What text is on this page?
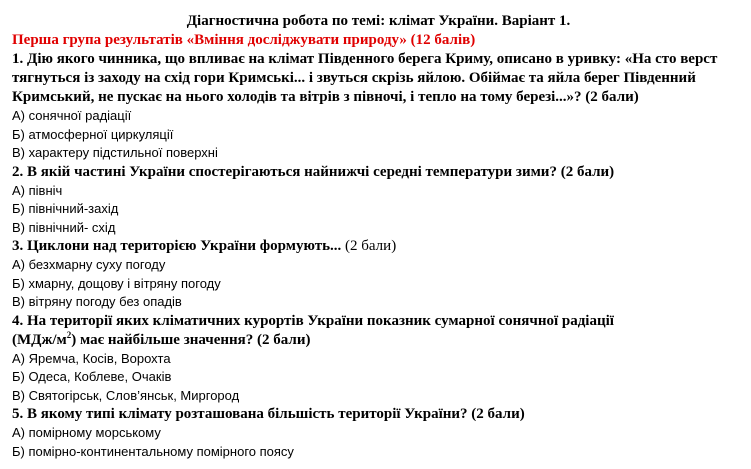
Діагностична робота по темі: клімат України. Варіант 1.
Перша група результатів «Вміння досліджувати природу» (12 балів)
1. Дію якого чинника, що впливає на клімат Південного берега Криму, описано в уривку: «На сто верст тягнуться із заходу на схід гори Кримські... і звуться скрізь яйлою. Обіймає та яйла берег Південний Кримський, не пускає на нього холодів та вітрів з півночі, і тепло на тому березі...»? (2 бали)
А) сонячної радіації
Б) атмосферної циркуляції
В) характеру підстильної поверхні
2. В якій частині України спостерігаються найнижчі середні температури зими? (2 бали)
А) північ
Б) північний-захід
В) північний- схід
3. Циклони над територією України формують... (2 бали)
А) безхмарну суху погоду
Б) хмарну, дощову і вітряну погоду
В) вітряну погоду без опадів
4. На території яких кліматичних курортів України показник сумарної сонячної радіації
$(МДж/м^2)$ має найбільше значення? (2 бали)
А) Яремча, Косів, Ворохта
Б) Одеса, Коблеве, Очаків
В) Святогірськ, Слов’янськ, Миргород
5. В якому типі клімату розташована більшість території України? (2 бали)
А) помірному морському
Б) помірно-континентальному помірного поясу
